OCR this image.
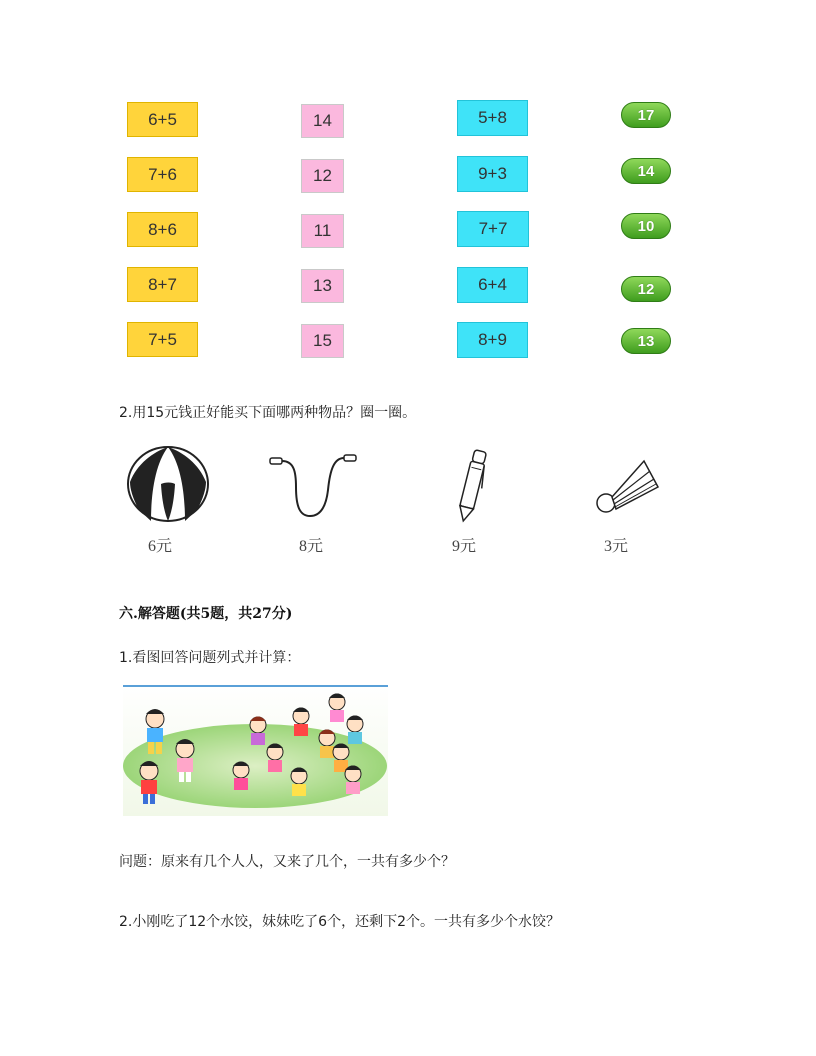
6+5	14	5+8	17
7+6	12	9+3	14
8+6	11	7+7	10
8+7	13	6+4	12
7+5	15	8+9	13
2.用15元钱正好能买下面哪两种物品？圈一圈。
6元	8元	9元	3元
六.解答题(共5题，共27分)
1.看图回答问题列式并计算：
问题：原来有几个人人，又来了几个，一共有多少个？
2.小刚吃了12个水饺，妹妹吃了6个，还剩下2个。一共有多少个水饺？
